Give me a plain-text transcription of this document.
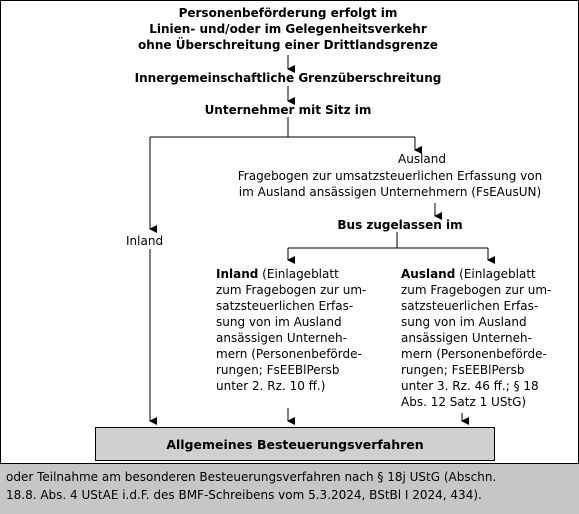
Personenbeförderung erfolgt im
Linien- und/oder im Gelegenheitsverkehr
ohne Überschreitung einer Drittlandsgrenze
Innergemeinschaftliche Grenzüberschreitung
Unternehmer mit Sitz im
Inland
Ausland
Fragebogen zur umsatzsteuerlichen Erfassung von
im Ausland ansässigen Unternehmern (FsEAusUN)
Bus zugelassen im
Inland (Einlageblatt
zum Fragebogen zur um-
satzsteuerlichen Erfas-
sung von im Ausland
ansässigen Unterneh-
mern (Personenbeförde-
rungen; FsEEBlPersb
unter 2. Rz. 10 ff.)
Ausland (Einlageblatt
zum Fragebogen zur um-
satzsteuerlichen Erfas-
sung von im Ausland
ansässigen Unterneh-
mern (Personenbeförde-
rungen; FsEEBlPersb
unter 3. Rz. 46 ff.; § 18
Abs. 12 Satz 1 UStG)
Allgemeines Besteuerungsverfahren
oder Teilnahme am besonderen Besteuerungsverfahren nach § 18j UStG (Abschn.
18.8. Abs. 4 UStAE i.d.F. des BMF-Schreibens vom 5.3.2024, BStBl I 2024, 434).
